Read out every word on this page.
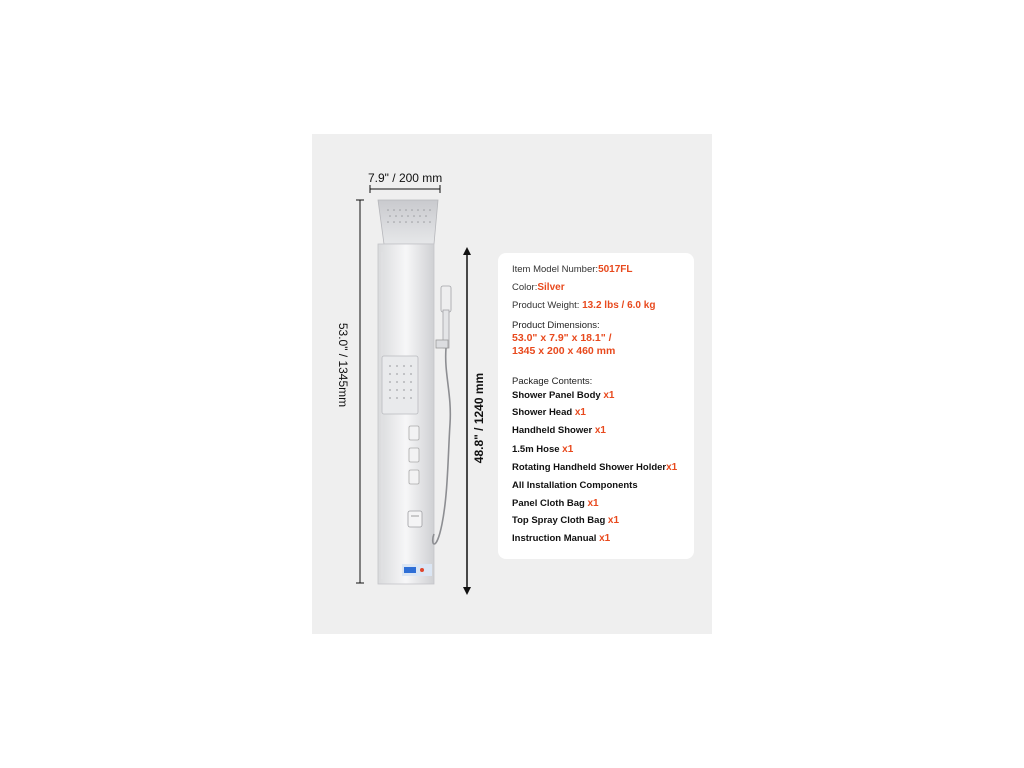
7.9" / 200 mm
53.0" / 1345mm
48.8" / 1240 mm
Item Model Number:5017FL
Color:Silver
Product Weight: 13.2 lbs / 6.0 kg
Product Dimensions:
53.0" x 7.9" x 18.1" /
1345 x 200 x 460 mm
Package Contents:
Shower Panel Body x1
Shower Head x1
Handheld Shower x1
1.5m Hose x1
Rotating Handheld Shower Holderx1
All Installation Components
Panel Cloth Bag x1
Top Spray Cloth Bag x1
Instruction Manual x1
